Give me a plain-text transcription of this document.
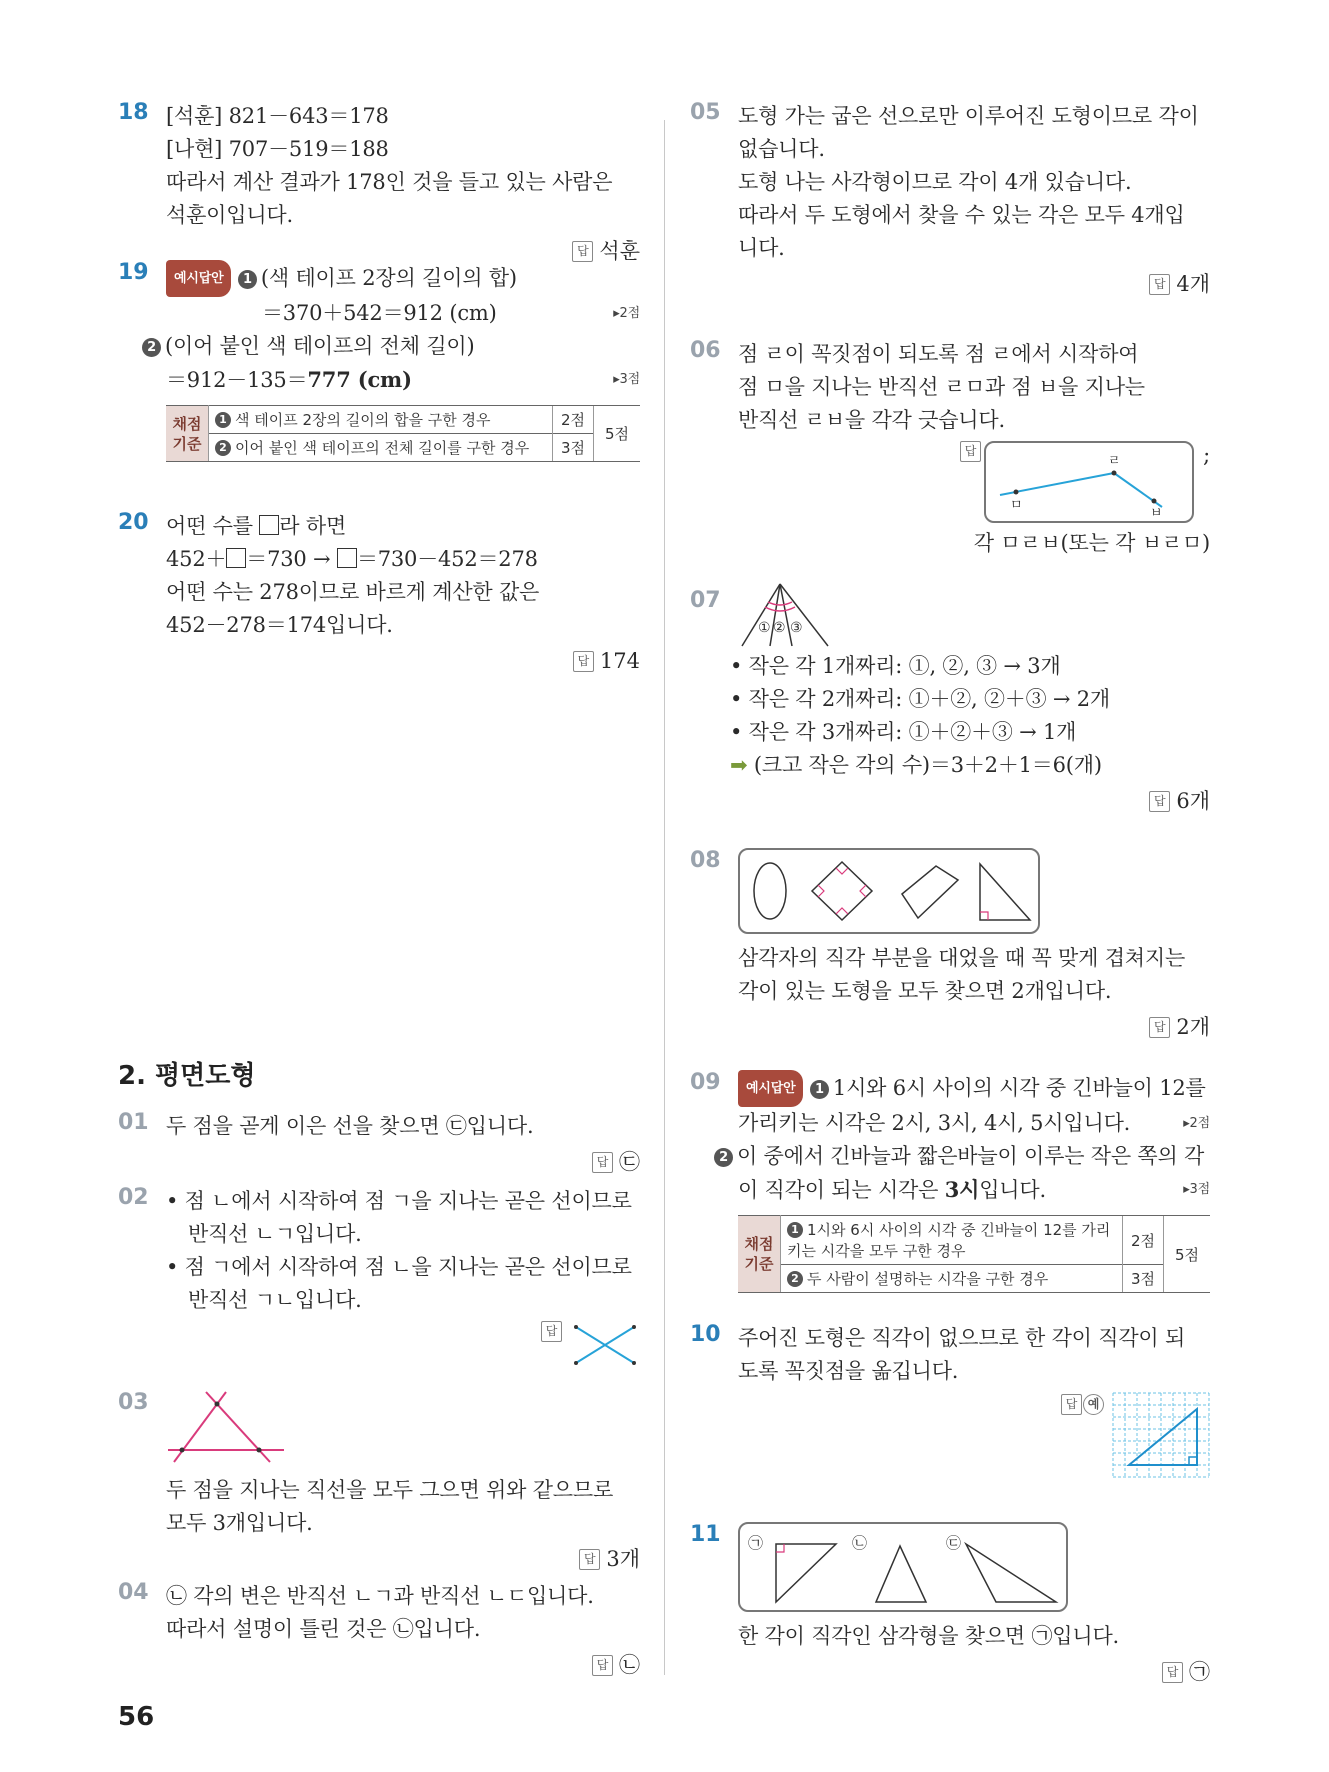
18 [석훈] 821－643＝178
[나현] 707－519＝188
따라서 계산 결과가 178인 것을 들고 있는 사람은
석훈이입니다.
답 석훈
19	예시답안 1 (색 테이프 2장의 길이의 합)
＝370＋542＝912 (cm)	▸2점
2 (이어 붙인 색 테이프의 전체 길이)
＝912－135＝777 (cm)	▸3점
채점 기준	1 색 테이프 2장의 길이의 합을 구한 경우	2점	5점
	2 이어 붙인 색 테이프의 전체 길이를 구한 경우	3점	
20 어떤 수를 라 하면
452＋ ＝730 → ＝730－452＝278
어떤 수는 278이므로 바르게 계산한 값은
452－278＝174입니다.
답 174
2. 평면도형
01 두 점을 곧게 이은 선을 찾으면 ㉢입니다.
답 ㉢
02 • 점 ㄴ에서 시작하여 점 ㄱ을 지나는 곧은 선이므로
반직선 ㄴㄱ입니다.
• 점 ㄱ에서 시작하여 점 ㄴ을 지나는 곧은 선이므로
반직선 ㄱㄴ입니다.
답
03
두 점을 지나는 직선을 모두 그으면 위와 같으므로
모두 3개입니다.
답 3개
04 ㉡ 각의 변은 반직선 ㄴㄱ과 반직선 ㄴㄷ입니다.
따라서 설명이 틀린 것은 ㉡입니다.
답 ㉡
05 도형 가는 굽은 선으로만 이루어진 도형이므로 각이
없습니다.
도형 나는 사각형이므로 각이 4개 있습니다.
따라서 두 도형에서 찾을 수 있는 각은 모두 4개입
니다.
답 4개
06 점 ㄹ이 꼭짓점이 되도록 점 ㄹ에서 시작하여
점 ㅁ을 지나는 반직선 ㄹㅁ과 점 ㅂ을 지나는
반직선 ㄹㅂ을 각각 긋습니다.
답
ㄹ
ㅁ
ㅂ
;
각 ㅁㄹㅂ(또는 각 ㅂㄹㅁ)
07
① ② ③
• 작은 각 1개짜리: ①, ②, ③ → 3개
• 작은 각 2개짜리: ①＋②, ②＋③ → 2개
• 작은 각 3개짜리: ①＋②＋③ → 1개
➡ (크고 작은 각의 수)＝3＋2＋1＝6(개)
답 6개
08
삼각자의 직각 부분을 대었을 때 꼭 맞게 겹쳐지는
각이 있는 도형을 모두 찾으면 2개입니다.
답 2개
09	예시답안 1 1시와 6시 사이의 시각 중 긴바늘이 12를
가리키는 시각은 2시, 3시, 4시, 5시입니다.	▸2점
2 이 중에서 긴바늘과 짧은바늘이 이루는 작은 쪽의 각
이 직각이 되는 시각은 3시입니다.	▸3점
채점 기준	1 1시와 6시 사이의 시각 중 긴바늘이 12를 가리키는 시각을 모두 구한 경우	2점	5점
	2 두 사람이 설명하는 시각을 구한 경우	3점	
10 주어진 도형은 직각이 없으므로 한 각이 직각이 되
도록 꼭짓점을 옮깁니다.
답 예
11 ㉠	㉡	㉢
한 각이 직각인 삼각형을 찾으면 ㉠입니다.
답 ㉠
56
